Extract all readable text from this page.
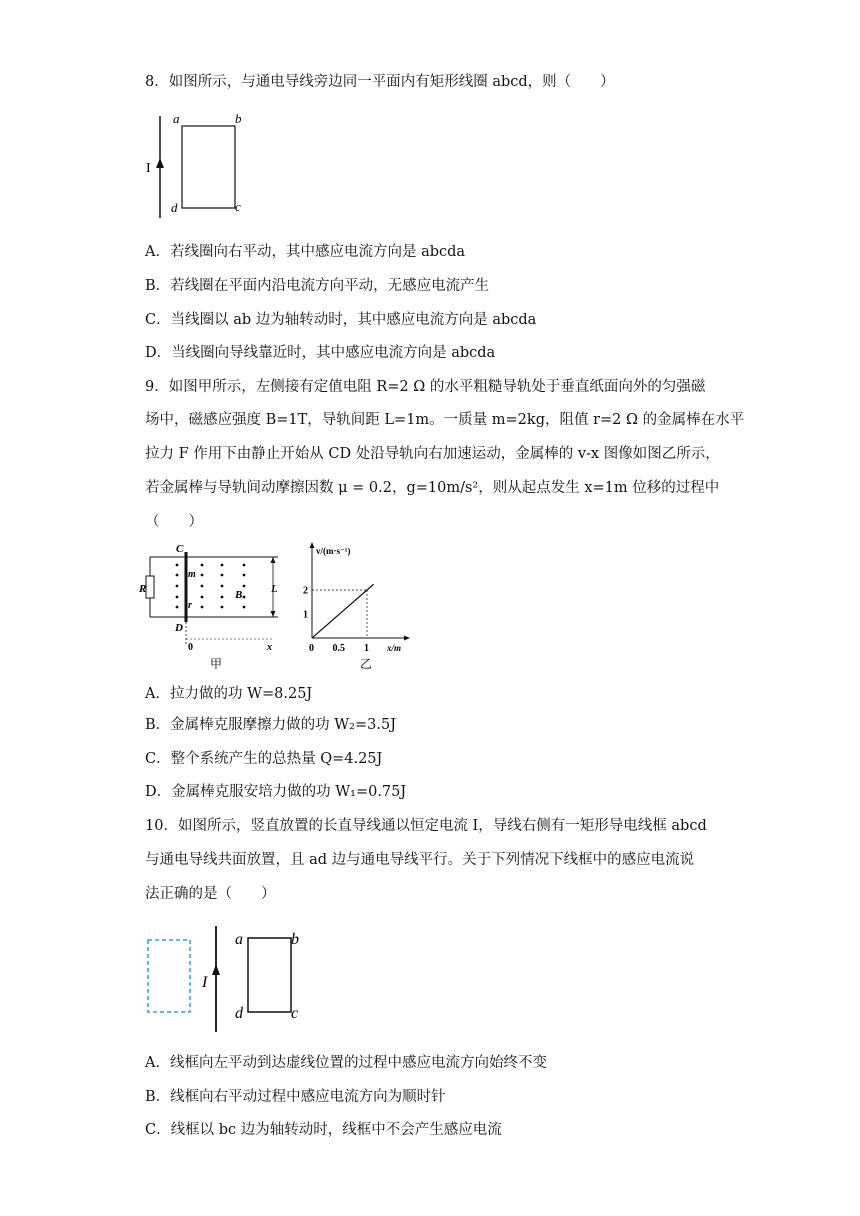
8．如图所示，与通电导线旁边同一平面内有矩形线圈 abcd，则（　　）
I
a	b
c
d
A．若线圈向右平动，其中感应电流方向是 abcda
B．若线圈在平面内沿电流方向平动，无感应电流产生
C．当线圈以 ab 边为轴转动时，其中感应电流方向是 abcda
D．当线圈向导线靠近时，其中感应电流方向是 abcda
9．如图甲所示，左侧接有定值电阻 R=2 Ω 的水平粗糙导轨处于垂直纸面向外的匀强磁
场中，磁感应强度 B=1T，导轨间距 L=1m。一质量 m=2kg，阻值 r=2 Ω 的金属棒在水平
拉力 F 作用下由静止开始从 CD 处沿导轨向右加速运动，金属棒的 v-x 图像如图乙所示，
若金属棒与导轨间动摩擦因数 μ = 0.2，g=10m/s²，则从起点发生 x=1m 位移的过程中
（　　）
R
C
D
m
r
B	L
0	x
甲
v/(m·s⁻¹)
x/m
1
2
0 0.5 1
乙
A．拉力做的功 W=8.25J
B．金属棒克服摩擦力做的功 W₂=3.5J
C．整个系统产生的总热量 Q=4.25J
D．金属棒克服安培力做的功 W₁=0.75J
10．如图所示，竖直放置的长直导线通以恒定电流 I，导线右侧有一矩形导电线框 abcd
与通电导线共面放置，且 ad 边与通电导线平行。关于下列情况下线框中的感应电流说
法正确的是（　　）
I
a	b
c
d
A．线框向左平动到达虚线位置的过程中感应电流方向始终不变
B．线框向右平动过程中感应电流方向为顺时针
C．线框以 bc 边为轴转动时，线框中不会产生感应电流
